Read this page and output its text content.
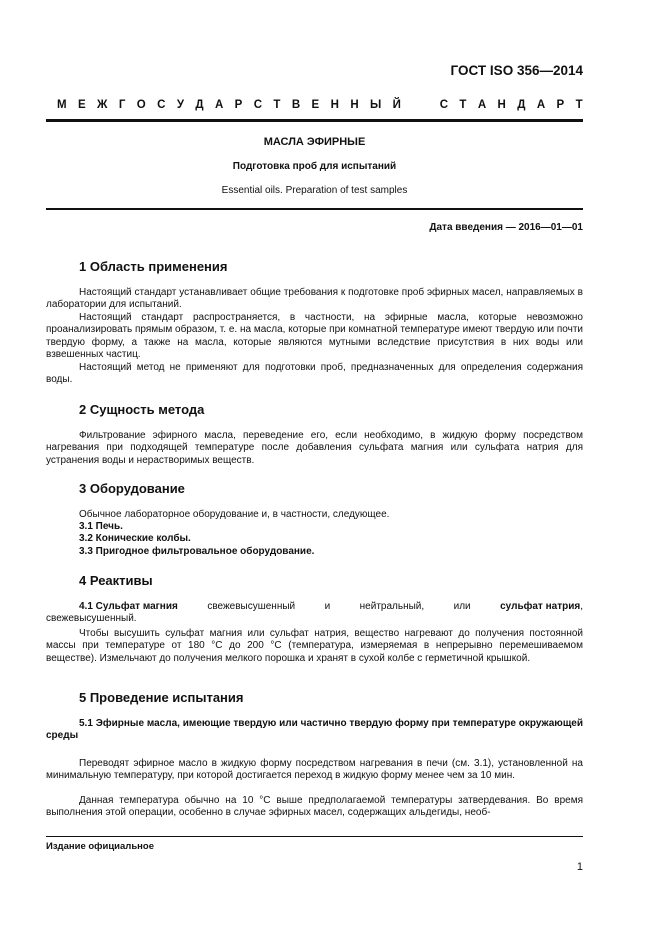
ГОСТ ISO 356—2014
М Е Ж Г О С У Д А Р С Т В Е Н Н Ы Й	С Т А Н Д А Р Т
МАСЛА ЭФИРНЫЕ
Подготовка проб для испытаний
Essential oils. Preparation of test samples
Дата введения — 2016—01—01
1 Область применения
Настоящий стандарт устанавливает общие требования к подготовке проб эфирных масел, направляемых в лаборатории для испытаний.
Настоящий стандарт распространяется, в частности, на эфирные масла, которые невозможно проанализировать прямым образом, т. е. на масла, которые при комнатной температуре имеют твердую или почти твердую форму, а также на масла, которые являются мутными вследствие присутствия в них воды или взвешенных частиц.
Настоящий метод не применяют для подготовки проб, предназначенных для определения содержания воды.
2 Сущность метода
Фильтрование эфирного масла, переведение его, если необходимо, в жидкую форму посредством нагревания при подходящей температуре после добавления сульфата магния или сульфата натрия для устранения воды и нерастворимых веществ.
3 Оборудование
Обычное лабораторное оборудование и, в частности, следующее.
3.1 Печь.
3.2 Конические колбы.
3.3 Пригодное фильтровальное оборудование.
4 Реактивы
4.1 Сульфат магния	свежевысушенный	и	нейтральный,	или	сульфат натрия,
свежевысушенный.
Чтобы высушить сульфат магния или сульфат натрия, вещество нагревают до получения постоянной массы при температуре от 180 °С до 200 °С (температура, измеряемая в непрерывно перемешиваемом веществе). Измельчают до получения мелкого порошка и хранят в сухой колбе с герметичной крышкой.
5 Проведение испытания
5.1 Эфирные масла, имеющие твердую или частично твердую форму при температуре окружающей среды
Переводят эфирное масло в жидкую форму посредством нагревания в печи (см. 3.1), установленной на минимальную температуру, при которой достигается переход в жидкую форму менее чем за 10 мин.
Данная температура обычно на 10 °С выше предполагаемой температуры затвердевания. Во время выполнения этой операции, особенно в случае эфирных масел, содержащих альдегиды, необ-
Издание официальное
1
